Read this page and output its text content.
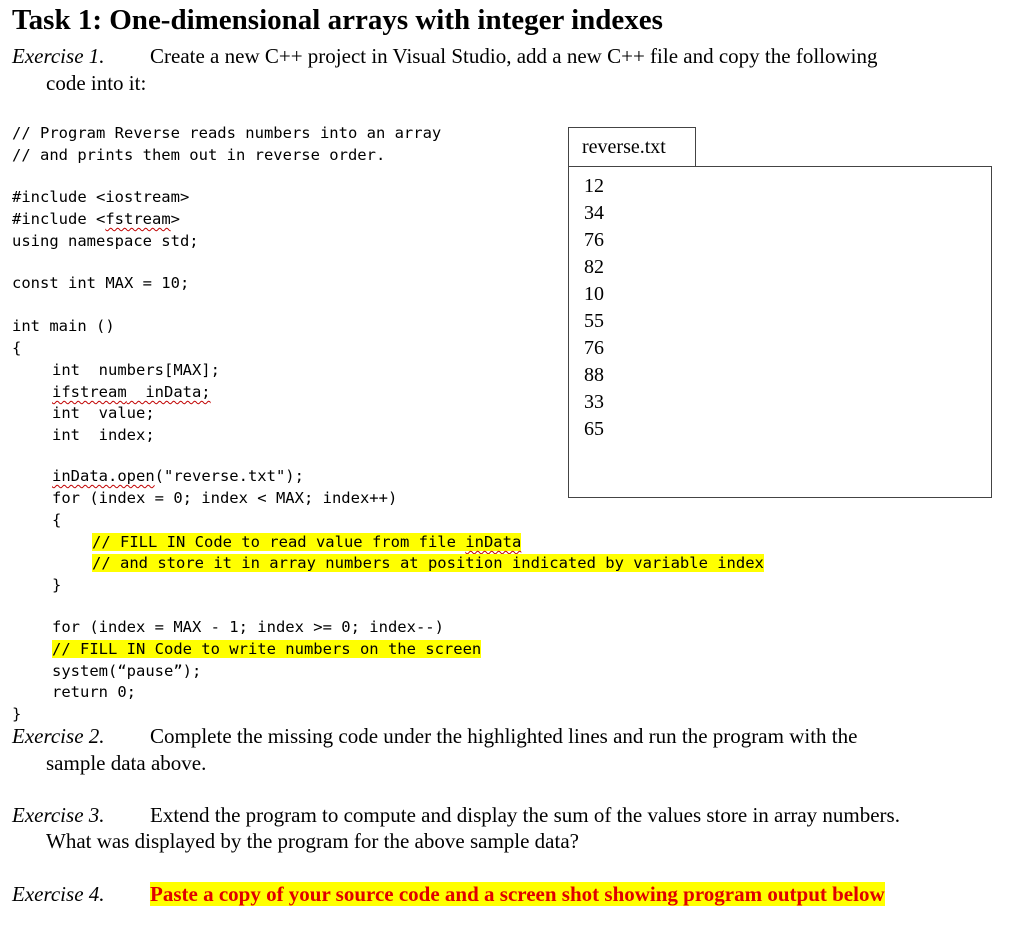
Task 1: One-dimensional arrays with integer indexes
Exercise 1. Create a new C++ project in Visual Studio, add a new C++ file and copy the following
code into it:
// Program Reverse reads numbers into an array
// and prints them out in reverse order.
#include <iostream>
#include <fstream>
using namespace std;
const int MAX = 10;
int main ()
{
int  numbers[MAX];
ifstream  inData;
int  value;
int  index;
inData.open("reverse.txt");
for (index = 0; index < MAX; index++)
{
// FILL IN Code to read value from file inData
// and store it in array numbers at position indicated by variable index
}
for (index = MAX - 1; index >= 0; index--)
// FILL IN Code to write numbers on the screen
system(“pause”);
return 0;
}
reverse.txt
12
34
76
82
10
55
76
88
33
65
Exercise 2. Complete the missing code under the highlighted lines and run the program with the
sample data above.
Exercise 3. Extend the program to compute and display the sum of the values store in array numbers.
What was displayed by the program for the above sample data?
Exercise 4. Paste a copy of your source code and a screen shot showing program output below
